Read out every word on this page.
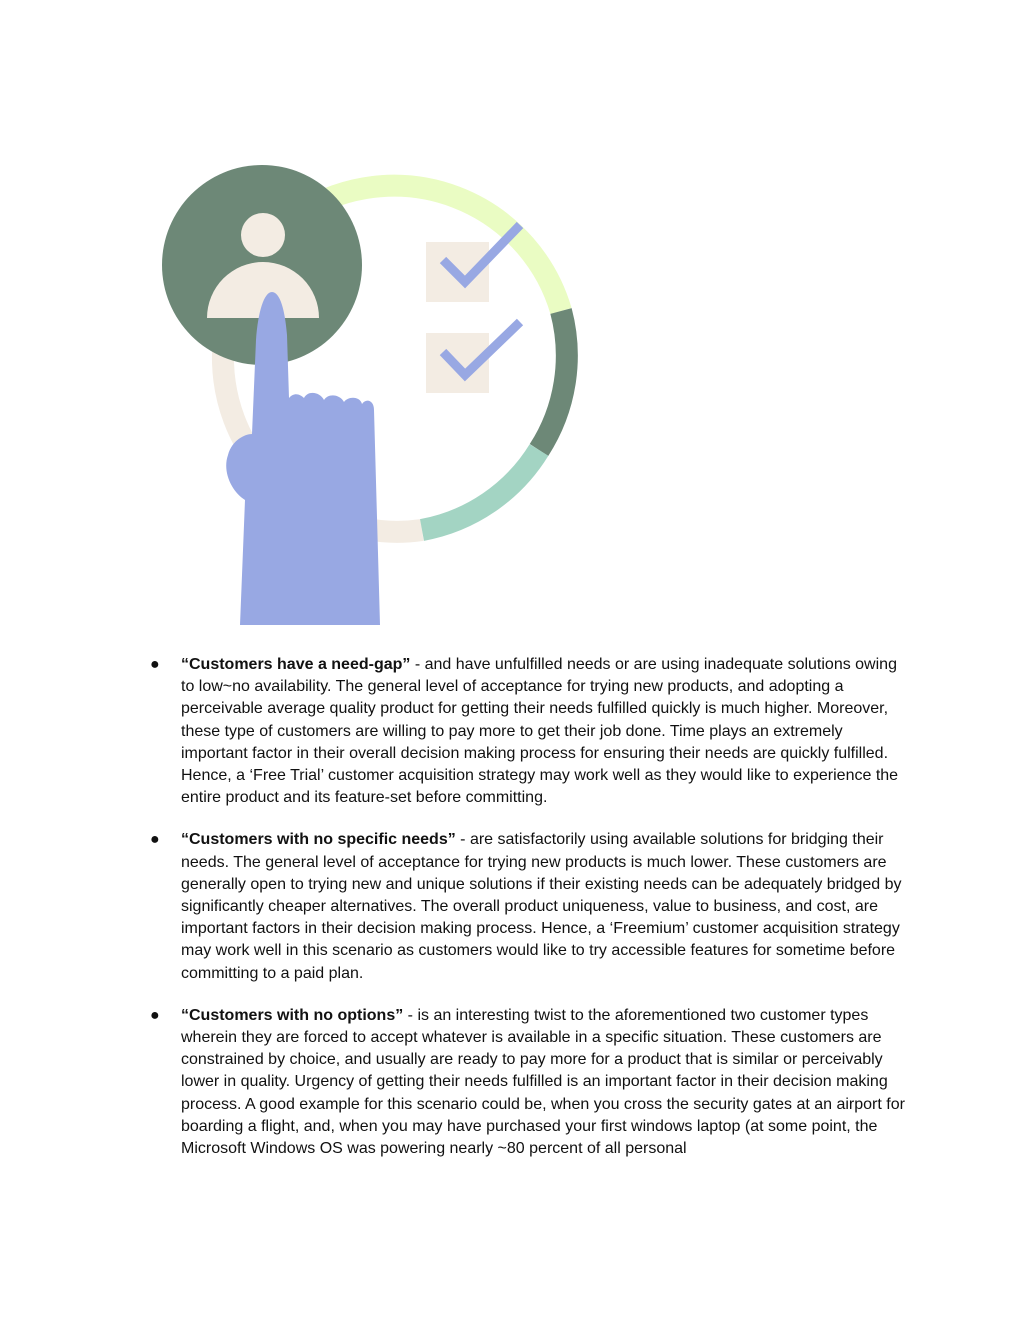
● “Customers have a need-gap” - and have unfulfilled needs or are using inadequate solutions owing to low~no availability. The general level of acceptance for trying new products, and adopting a perceivable average quality product for getting their needs fulfilled quickly is much higher. Moreover, these type of customers are willing to pay more to get their job done. Time plays an extremely important factor in their overall decision making process for ensuring their needs are quickly fulfilled. Hence, a ‘Free Trial’ customer acquisition strategy may work well as they would like to experience the entire product and its feature-set before committing.
● “Customers with no specific needs” - are satisfactorily using available solutions for bridging their needs. The general level of acceptance for trying new products is much lower. These customers are generally open to trying new and unique solutions if their existing needs can be adequately bridged by significantly cheaper alternatives. The overall product uniqueness, value to business, and cost, are important factors in their decision making process. Hence, a ‘Freemium’ customer acquisition strategy may work well in this scenario as customers would like to try accessible features for sometime before committing to a paid plan.
● “Customers with no options” - is an interesting twist to the aforementioned two customer types wherein they are forced to accept whatever is available in a specific situation. These customers are constrained by choice, and usually are ready to pay more for a product that is similar or perceivably lower in quality. Urgency of getting their needs fulfilled is an important factor in their decision making process. A good example for this scenario could be, when you cross the security gates at an airport for boarding a flight, and, when you may have purchased your first windows laptop (at some point, the Microsoft Windows OS was powering nearly ~80 percent of all personal
